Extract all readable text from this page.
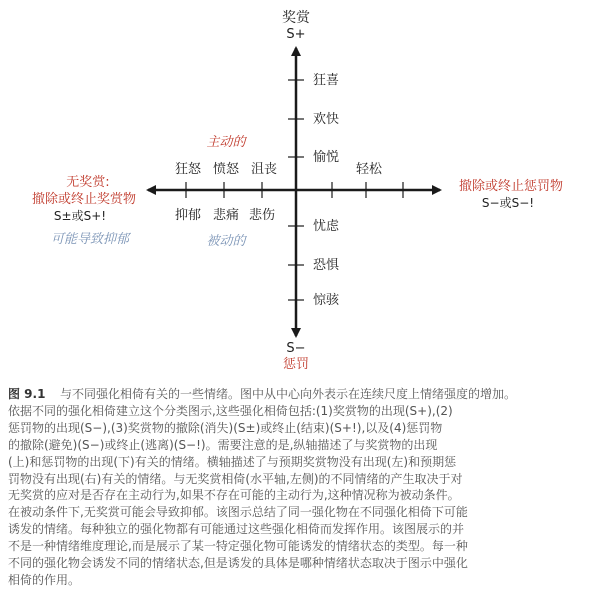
奖赏
S+
S−
惩罚
狂喜
欢快
愉悦
忧虑
恐惧
惊骇
狂怒 愤怒 沮丧
抑郁 悲痛 悲伤
轻松
主动的
被动的
无奖赏:
撤除或终止奖赏物
S±或S+!
可能导致抑郁
撤除或终止惩罚物
S−或S−!
图 9.1 与不同强化相倚有关的一些情绪。图中从中心向外表示在连续尺度上情绪强度的增加。
依据不同的强化相倚建立这个分类图示,这些强化相倚包括:(1)奖赏物的出现(S+),(2)
惩罚物的出现(S−),(3)奖赏物的撤除(消失)(S±)或终止(结束)(S+!),以及(4)惩罚物
的撤除(避免)(S−)或终止(逃离)(S−!)。需要注意的是,纵轴描述了与奖赏物的出现
(上)和惩罚物的出现(下)有关的情绪。横轴描述了与预期奖赏物没有出现(左)和预期惩
罚物没有出现(右)有关的情绪。与无奖赏相倚(水平轴,左侧)的不同情绪的产生取决于对
无奖赏的应对是否存在主动行为,如果不存在可能的主动行为,这种情况称为被动条件。
在被动条件下,无奖赏可能会导致抑郁。该图示总结了同一强化物在不同强化相倚下可能
诱发的情绪。每种独立的强化物都有可能通过这些强化相倚而发挥作用。该图展示的并
不是一种情绪维度理论,而是展示了某一特定强化物可能诱发的情绪状态的类型。每一种
不同的强化物会诱发不同的情绪状态,但是诱发的具体是哪种情绪状态取决于图示中强化
相倚的作用。
